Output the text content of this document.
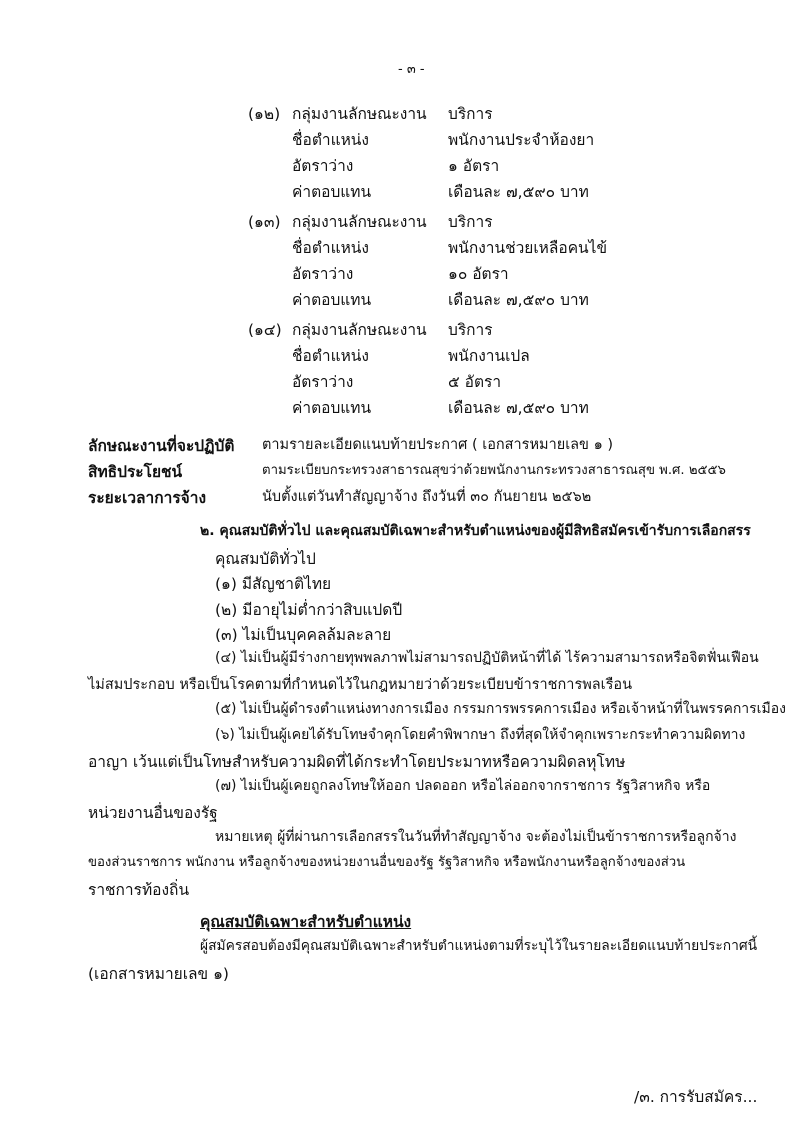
- ๓ -
(๑๒) กลุ่มงานลักษณะงาน บริการ
ชื่อตำแหน่ง	พนักงานประจำห้องยา
อัตราว่าง	๑ อัตรา
ค่าตอบแทน	เดือนละ ๗,๕๙๐ บาท
(๑๓) กลุ่มงานลักษณะงาน บริการ
ชื่อตำแหน่ง	พนักงานช่วยเหลือคนไข้
อัตราว่าง	๑๐ อัตรา
ค่าตอบแทน	เดือนละ ๗,๕๙๐ บาท
(๑๔) กลุ่มงานลักษณะงาน บริการ
ชื่อตำแหน่ง	พนักงานเปล
อัตราว่าง	๕ อัตรา
ค่าตอบแทน	เดือนละ ๗,๕๙๐ บาท
ลักษณะงานที่จะปฏิบัติ ตามรายละเอียดแนบท้ายประกาศ ( เอกสารหมายเลข ๑ )
สิทธิประโยชน์	ตามระเบียบกระทรวงสาธารณสุขว่าด้วยพนักงานกระทรวงสาธารณสุข พ.ศ. ๒๕๕๖
ระยะเวลาการจ้าง	นับตั้งแต่วันทำสัญญาจ้าง ถึงวันที่ ๓๐ กันยายน ๒๕๖๒
๒. คุณสมบัติทั่วไป และคุณสมบัติเฉพาะสำหรับตำแหน่งของผู้มีสิทธิสมัครเข้ารับการเลือกสรร
คุณสมบัติทั่วไป
(๑) มีสัญชาติไทย
(๒) มีอายุไม่ต่ำกว่าสิบแปดปี
(๓) ไม่เป็นบุคคลล้มละลาย
(๔) ไม่เป็นผู้มีร่างกายทุพพลภาพไม่สามารถปฏิบัติหน้าที่ได้ ไร้ความสามารถหรือจิตฟั่นเฟือน
ไม่สมประกอบ หรือเป็นโรคตามที่กำหนดไว้ในกฎหมายว่าด้วยระเบียบข้าราชการพลเรือน
(๕) ไม่เป็นผู้ดำรงตำแหน่งทางการเมือง กรรมการพรรคการเมือง หรือเจ้าหน้าที่ในพรรคการเมือง
(๖) ไม่เป็นผู้เคยได้รับโทษจำคุกโดยคำพิพากษา ถึงที่สุดให้จำคุกเพราะกระทำความผิดทาง
อาญา เว้นแต่เป็นโทษสำหรับความผิดที่ได้กระทำโดยประมาทหรือความผิดลหุโทษ
(๗) ไม่เป็นผู้เคยถูกลงโทษให้ออก ปลดออก หรือไล่ออกจากราชการ รัฐวิสาหกิจ หรือ
หน่วยงานอื่นของรัฐ
หมายเหตุ ผู้ที่ผ่านการเลือกสรรในวันที่ทำสัญญาจ้าง จะต้องไม่เป็นข้าราชการหรือลูกจ้าง
ของส่วนราชการ พนักงาน หรือลูกจ้างของหน่วยงานอื่นของรัฐ รัฐวิสาหกิจ หรือพนักงานหรือลูกจ้างของส่วน
ราชการท้องถิ่น
คุณสมบัติเฉพาะสำหรับตำแหน่ง
ผู้สมัครสอบต้องมีคุณสมบัติเฉพาะสำหรับตำแหน่งตามที่ระบุไว้ในรายละเอียดแนบท้ายประกาศนี้
(เอกสารหมายเลข ๑)
/๓. การรับสมัคร...
